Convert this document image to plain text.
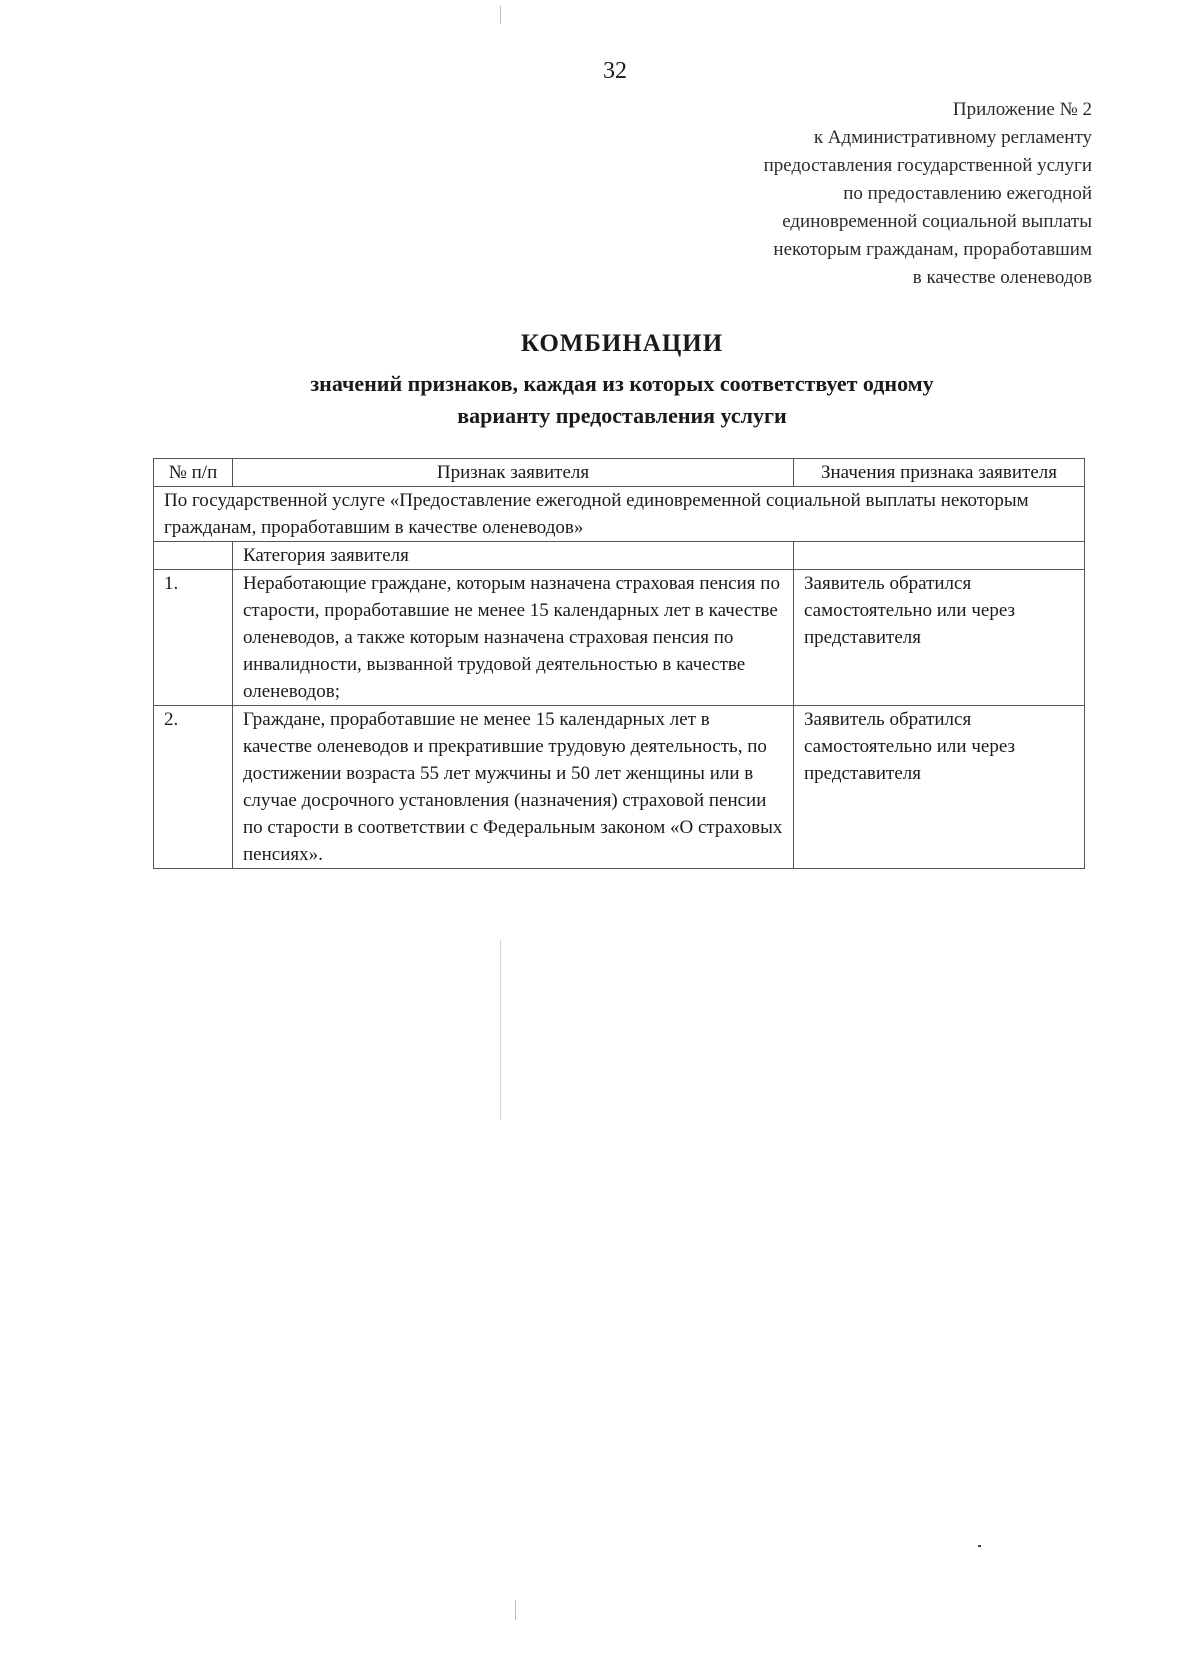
32
Приложение № 2
к Административному регламенту
предоставления государственной услуги
по предоставлению ежегодной
единовременной социальной выплаты
некоторым гражданам, проработавшим
в качестве оленеводов
КОМБИНАЦИИ
значений признаков, каждая из которых соответствует одному
варианту предоставления услуги
№ п/п	Признак заявителя	Значения признака заявителя
По государственной услуге «Предоставление ежегодной единовременной социальной выплаты некоторым гражданам, проработавшим в качестве оленеводов»		
	Категория заявителя	
1.	Неработающие граждане, которым назначена страховая пенсия по старости, проработавшие не менее 15 календарных лет в качестве оленеводов, а также которым назначена страховая пенсия по инвалидности, вызванной трудовой деятельностью в качестве оленеводов;	Заявитель обратился самостоятельно или через представителя
2.	Граждане, проработавшие не менее 15 календарных лет в качестве оленеводов и прекратившие трудовую деятельность, по достижении возраста 55 лет мужчины и 50 лет женщины или в случае досрочного установления (назначения) страховой пенсии по старости в соответствии с Федеральным законом «О страховых пенсиях».	Заявитель обратился самостоятельно или через представителя
